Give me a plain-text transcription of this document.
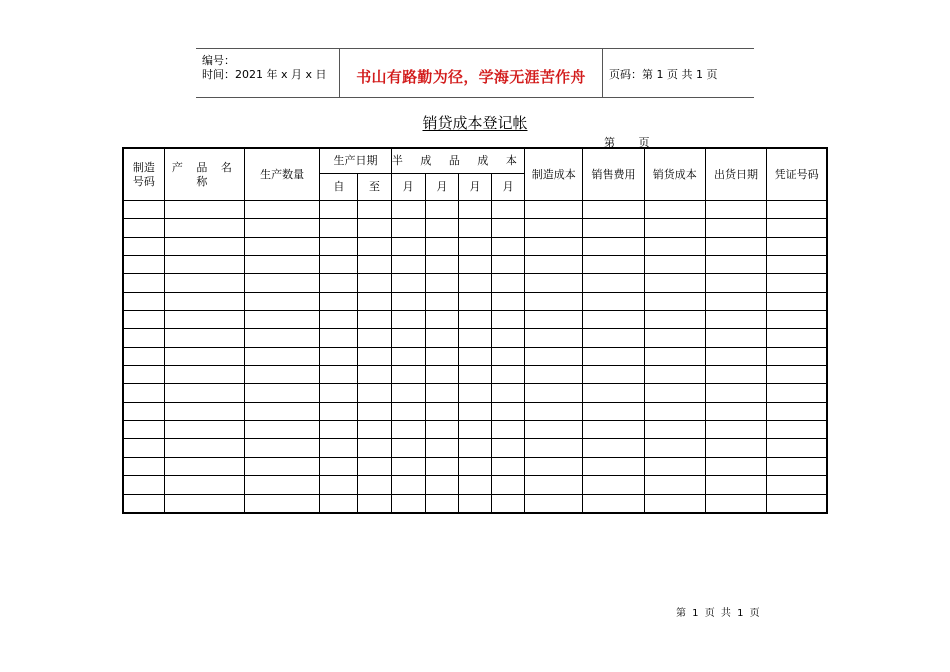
编号：
时间：2021 年 x 月 x 日	书山有路勤为径，学海无涯苦作舟	页码：第 1 页 共 1 页
销贷成本登记帐
第 页
制造
号码	产 品 名 称	生产数量	生产日期		半 成 品 成 本				制造成本	销售费用	销货成本	出货日期	凭证号码
			自	至	月	月	月	月					

第 1 页 共 1 页
